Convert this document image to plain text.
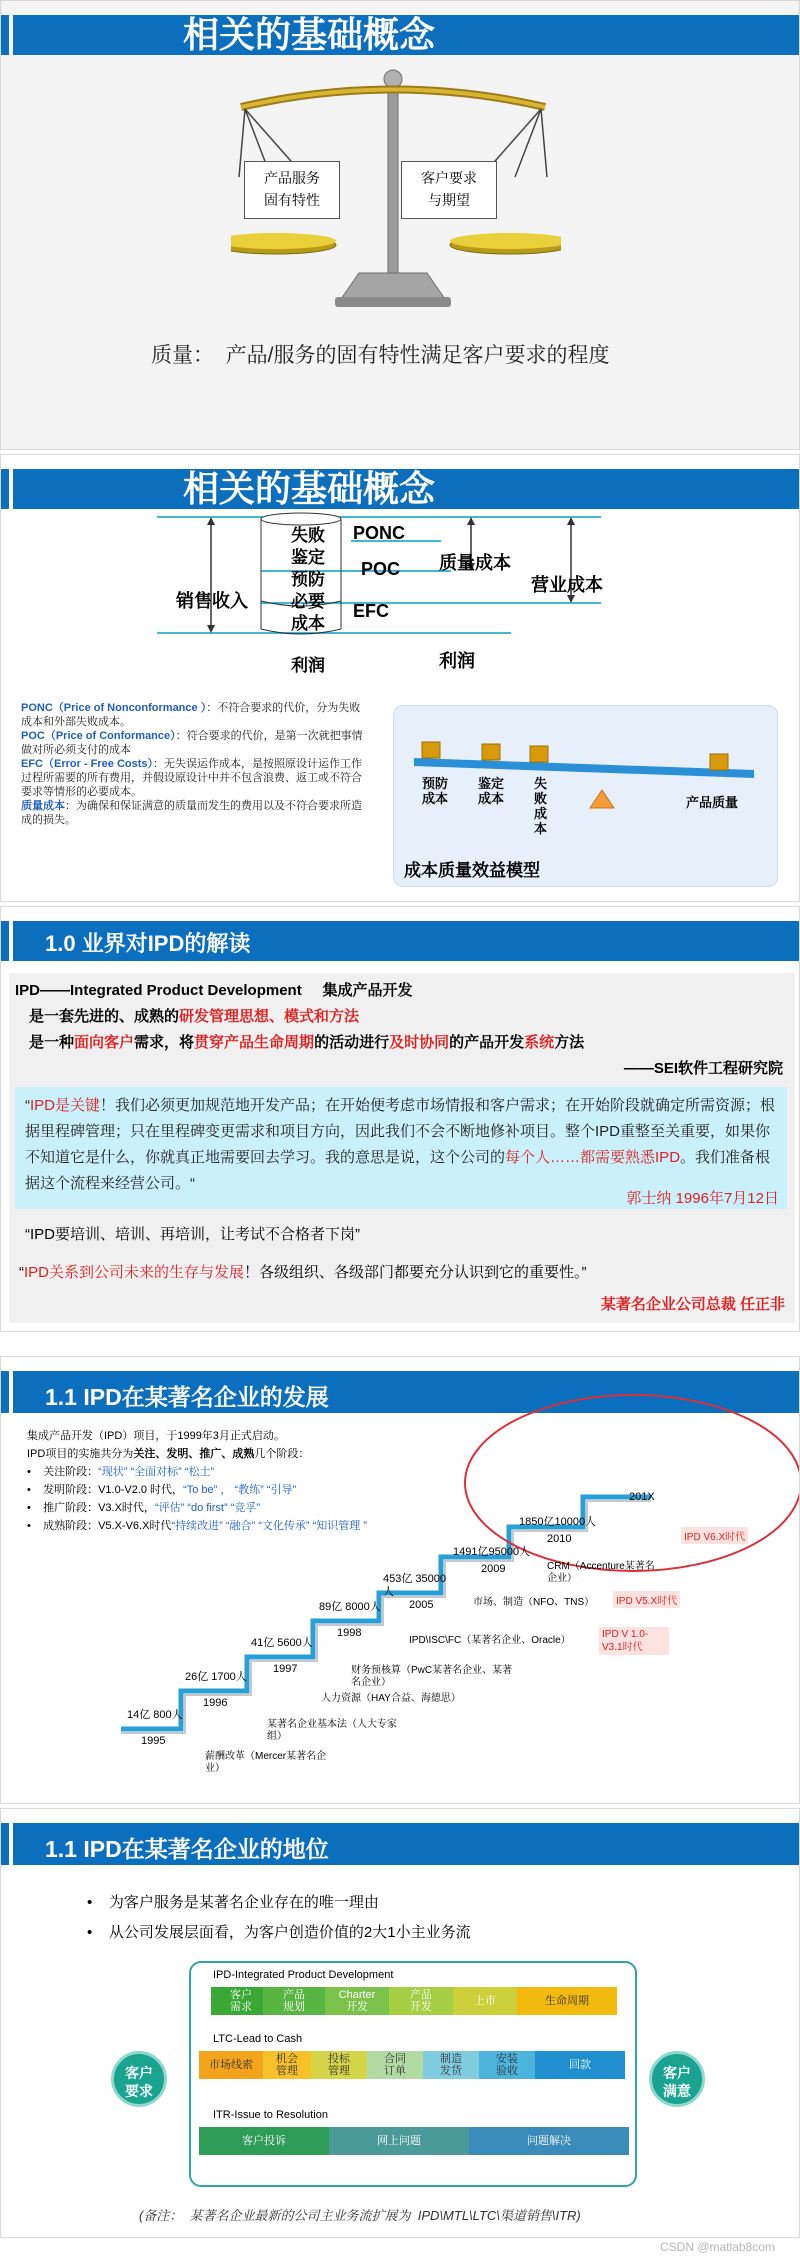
相关的基础概念
产品服务
固有特性
客户要求
与期望
质量：  产品/服务的固有特性满足客户要求的程度
相关的基础概念
销售收入
失败
鉴定
预防
必要
成本
利润
PONC
POC
EFC
质量成本
营业成本
利润

PONC（Price of Nonconformance ）：不符合要求的代价，分为失败成本和外部失败成本。

POC（Price of Conformance）：符合要求的代价，是第一次就把事情做对所必须支付的成本

EFC（Error - Free Costs）：无失误运作成本，是按照原设计运作工作过程所需要的所有费用，并假设原设计中并不包含浪费、返工或不符合要求等情形的必要成本。

质量成本：为确保和保证满意的质量而发生的费用以及不符合要求所造成的损失。

预防
成本
鉴定
成本
失
败
成
本
产品质量
成本质量效益模型
1.0 业界对IPD的解读
IPD——Integrated Product Development     集成产品开发
是一套先进的、成熟的研发管理思想、模式和方法
是一种面向客户需求，将贯穿产品生命周期的活动进行及时协同的产品开发系统方法
——SEI软件工程研究院
“IPD是关键！我们必须更加规范地开发产品；在开始便考虑市场情报和客户需求；在开始阶段就确定所需资源；根据里程碑管理；只在里程碑变更需求和项目方向，因此我们不会不断地修补项目。整个IPD重整至关重要，如果你不知道它是什么，你就真正地需要回去学习。我的意思是说，这个公司的每个人……都需要熟悉IPD。我们准备根据这个流程来经营公司。“
郭士纳 1996年7月12日
“IPD要培训、培训、再培训，让考试不合格者下岗”
“IPD关系到公司未来的生存与发展！各级组织、各级部门都要充分认识到它的重要性。”
某著名企业公司总裁 任正非
1.1 IPD在某著名企业的发展
集成产品开发（IPD）项目，于1999年3月正式启动。
IPD项目的实施共分为关注、发明、推广、成熟几个阶段：
•    关注阶段：“现状” “全面对标” “松土”
•    发明阶段：V1.0-V2.0 时代，“To be” ， “教练” “引导”
•    推广阶段：V3.X时代，“评估” “do first” “竞孚”
•    成熟阶段：V5.X-V6.X时代“持续改进” “融合” “文化传承” “知识管理 ”
14亿 800人
1995
薪酬改革（Mercer某著名企业）
26亿 1700人
1996
某著名企业基本法（人大专家组）
41亿 5600人
1997
人力资源（HAY合益、海德思）
89亿 8000人
1998
财务预核算（PwC某著名企业、某著名企业）
453亿 35000人
2005
IPD\ISC\FC（某著名企业、Oracle）
IPD V 1.0-V3.1时代
1491亿95000人
2009
市场、制造（NFO、TNS）	IPD V5.X时代
1850亿10000人
2010
CRM（Accenture某著名企业）
201X
IPD V6.X时代
1.1 IPD在某著名企业的地位
•    为客户服务是某著名企业存在的唯一理由
•    从公司发展层面看，为客户创造价值的2大1小主业务流
客户
要求
客户
满意
IPD-Integrated Product Development
客户
需求
产品
规划
Charter
开发
产品
开发	上市	生命周期
LTC-Lead to Cash
市场线索	机会
管理
投标
管理
合同
订单
制造
发货
安装
验收	回款
ITR-Issue to Resolution
客户投诉	网上问题	问题解决
(备注：  某著名企业最新的公司主业务流扩展为  IPD\MTL\LTC\渠道销售\ITR)
CSDN @matlab8com
